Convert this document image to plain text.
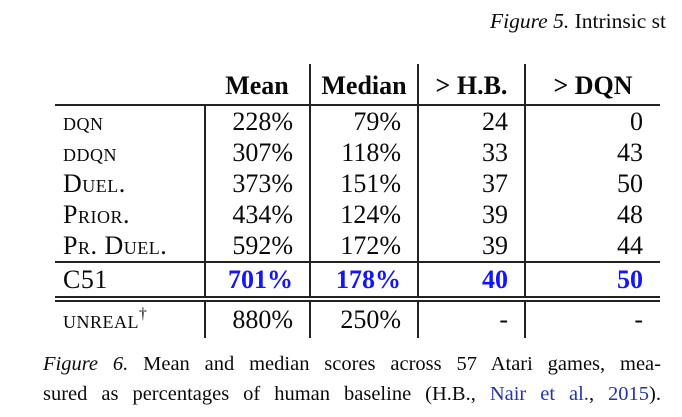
Figure 5. Intrinsic st
	Mean	Median	> H.B.	> DQN
dqn	228%	79%	24	0
ddqn	307%	118%	33	43
Duel.	373%	151%	37	50
Prior.	434%	124%	39	48
Pr. Duel.	592%	172%	39	44
C51	701%	178%	40	50
unreal†	880%	250%	-	-
Figure 6. Mean and median scores across 57 Atari games, mea-
sured as percentages of human baseline (H.B., Nair et al., 2015).
